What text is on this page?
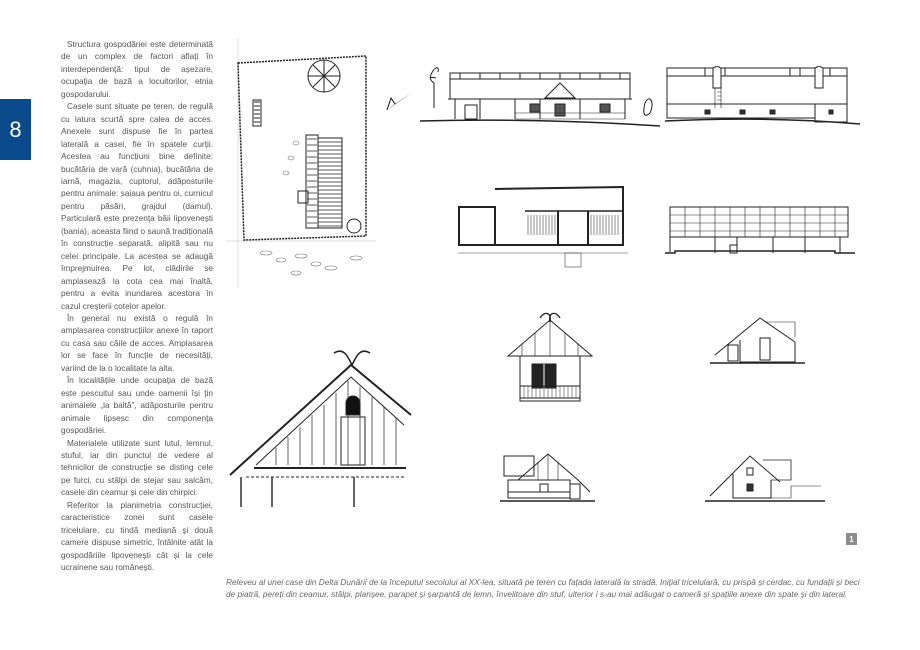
8

Structura gospodăriei este determinată de un complex de factori aflați în interdependență: tipul de așezare, ocupația de bază a locuitorilor, etnia gospodarului.

Casele sunt situate pe teren, de regulă cu latura scurtă spre calea de acces. Anexele sunt dispuse fie în partea laterală a casei, fie în spatele curții. Acestea au funcțiuni bine definite: bucătăria de vară (cuhnia), bucătăria de iarnă, magazia, cuptorul, adăposturile pentru animale: saiaua pentru oi, curnicul pentru păsări, grajdul (damul). Particulară este prezența băii lipovenești (bania), aceasta fiind o saună tradițională în construcție separată, alipită sau nu celei principale. La acestea se adaugă împrejmuirea. Pe lot, clădirile se amplasează la cota cea mai înaltă, pentru a evita inundarea acestora în cazul creșterii cotelor apelor.

În general nu există o regulă în amplasarea construcțiilor anexe în raport cu casa sau căile de acces. Amplasarea lor se face în funcție de necesități, variind de la o localitate la alta.

În localitățile unde ocupația de bază este pescuitul sau unde oamenii își țin animalele „la baltă”, adăposturile pentru animale lipsesc din componența gospodăriei.

Materialele utilizate sunt lutul, lemnul, stuful, iar din punctul de vedere al tehnicilor de construcție se disting cele pe furci, cu stâlpi de stejar sau salcâm, casele din ceamur și cele din chirpici.

Referitor la planimetria construcției, caracteristice zonei sunt casele tricelulare, cu tindă mediană și două camere dispuse simetric, întâlnite atât la gospodăriile lipovenești cât și la cele ucrainene sau românești.

1
Releveu al unei case din Delta Dunării de la începutul secolului al XX-lea, situată pe teren cu fațada laterală la stradă. Inițial tricelulară, cu prispă și cerdac, cu fundații și beci de piatră, pereți din ceamur, stâlpi, planșee, parapet și șarpantă de lemn, învelitoare din stuf, ulterior i s-au mai adăugat o cameră și spațiile anexe din spate și din lateral.
